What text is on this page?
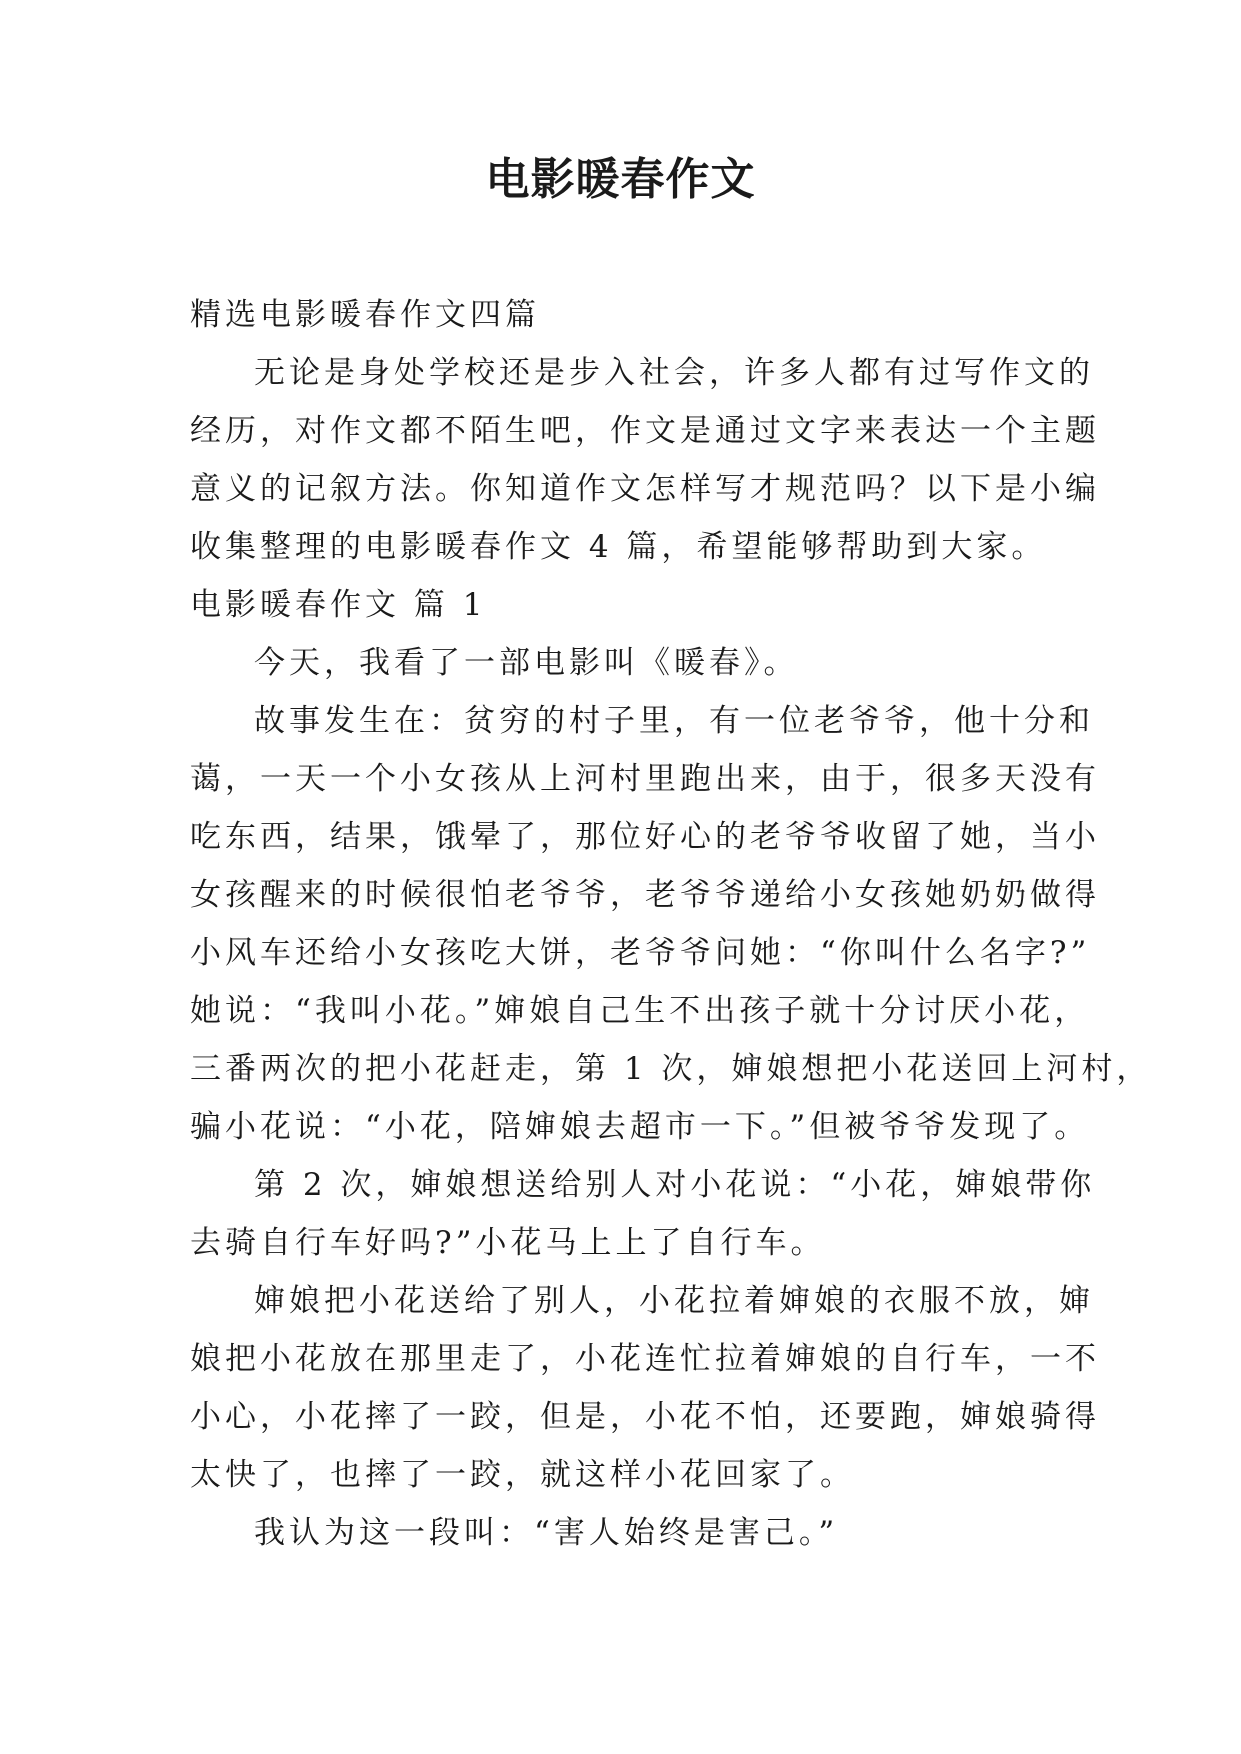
电影暖春作文
精选电影暖春作文四篇
无论是身处学校还是步入社会，许多人都有过写作文的
经历，对作文都不陌生吧，作文是通过文字来表达一个主题
意义的记叙方法。你知道作文怎样写才规范吗？以下是小编
收集整理的电影暖春作文 4 篇，希望能够帮助到大家。
电影暖春作文 篇 1
今天，我看了一部电影叫《暖春》。
故事发生在：贫穷的村子里，有一位老爷爷，他十分和
蔼，一天一个小女孩从上河村里跑出来，由于，很多天没有
吃东西，结果，饿晕了，那位好心的老爷爷收留了她，当小
女孩醒来的时候很怕老爷爷，老爷爷递给小女孩她奶奶做得
小风车还给小女孩吃大饼，老爷爷问她：“你叫什么名字?”
她说：“我叫小花。”婶娘自己生不出孩子就十分讨厌小花，
三番两次的把小花赶走，第 1 次，婶娘想把小花送回上河村，
骗小花说：“小花，陪婶娘去超市一下。”但被爷爷发现了。
第 2 次，婶娘想送给别人对小花说：“小花，婶娘带你
去骑自行车好吗?”小花马上上了自行车。
婶娘把小花送给了别人，小花拉着婶娘的衣服不放，婶
娘把小花放在那里走了，小花连忙拉着婶娘的自行车，一不
小心，小花摔了一跤，但是，小花不怕，还要跑，婶娘骑得
太快了，也摔了一跤，就这样小花回家了。
我认为这一段叫：“害人始终是害己。”
